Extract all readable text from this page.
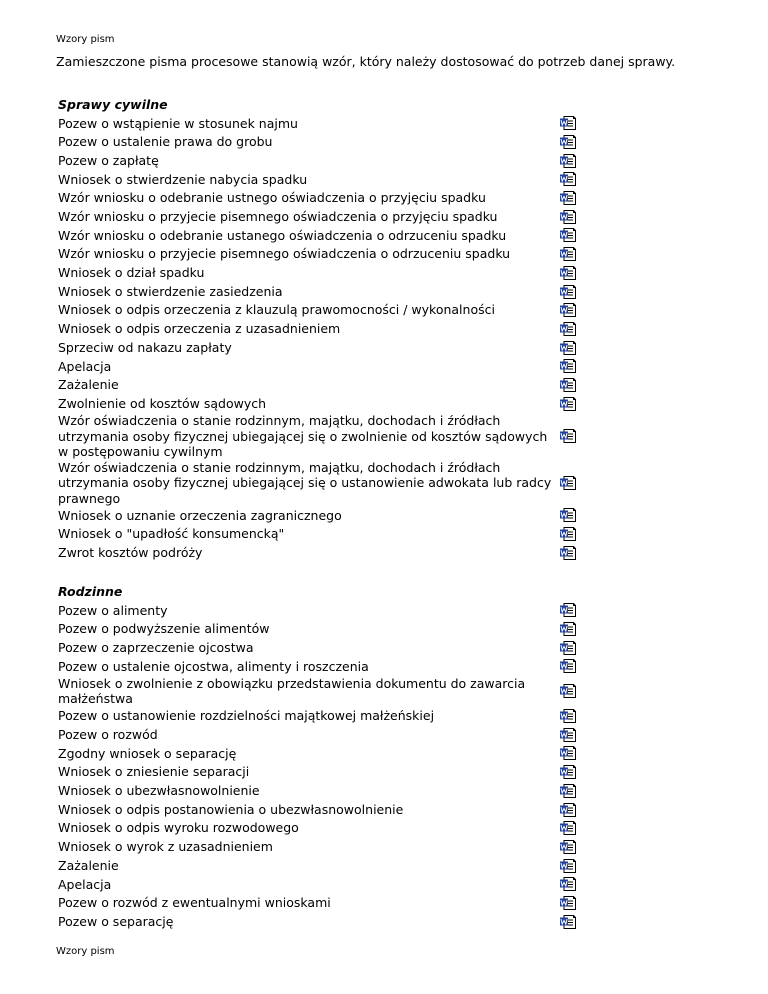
Wzory pism
Zamieszczone pisma procesowe stanowią wzór, który należy dostosować do potrzeb danej sprawy.
Sprawy cywilne
Pozew o wstąpienie w stosunek najmu
Pozew o ustalenie prawa do grobu
Pozew o zapłatę
Wniosek o stwierdzenie nabycia spadku
Wzór wniosku o odebranie ustnego oświadczenia o przyjęciu spadku
Wzór wniosku o przyjecie pisemnego oświadczenia o przyjęciu spadku
Wzór wniosku o odebranie ustanego oświadczenia o odrzuceniu spadku
Wzór wniosku o przyjecie pisemnego oświadczenia o odrzuceniu spadku
Wniosek o dział spadku
Wniosek o stwierdzenie zasiedzenia
Wniosek o odpis orzeczenia z klauzulą prawomocności / wykonalności
Wniosek o odpis orzeczenia z uzasadnieniem
Sprzeciw od nakazu zapłaty
Apelacja
Zażalenie
Zwolnienie od kosztów sądowych
Wzór oświadczenia o stanie rodzinnym, majątku, dochodach i źródłach utrzymania osoby fizycznej ubiegającej się o zwolnienie od kosztów sądowych w postępowaniu cywilnym
Wzór oświadczenia o stanie rodzinnym, majątku, dochodach i źródłach utrzymania osoby fizycznej ubiegającej się o ustanowienie adwokata lub radcy prawnego
Wniosek o uznanie orzeczenia zagranicznego
Wniosek o "upadłość konsumencką"
Zwrot kosztów podróży
Rodzinne
Pozew o alimenty
Pozew o podwyższenie alimentów
Pozew o zaprzeczenie ojcostwa
Pozew o ustalenie ojcostwa, alimenty i roszczenia
Wniosek o zwolnienie z obowiązku przedstawienia dokumentu do zawarcia małżeństwa
Pozew o ustanowienie rozdzielności majątkowej małżeńskiej
Pozew o rozwód
Zgodny wniosek o separację
Wniosek o zniesienie separacji
Wniosek o ubezwłasnowolnienie
Wniosek o odpis postanowienia o ubezwłasnowolnienie
Wniosek o odpis wyroku rozwodowego
Wniosek o wyrok z uzasadnieniem
Zażalenie
Apelacja
Pozew o rozwód z ewentualnymi wnioskami
Pozew o separację
Wzory pism
